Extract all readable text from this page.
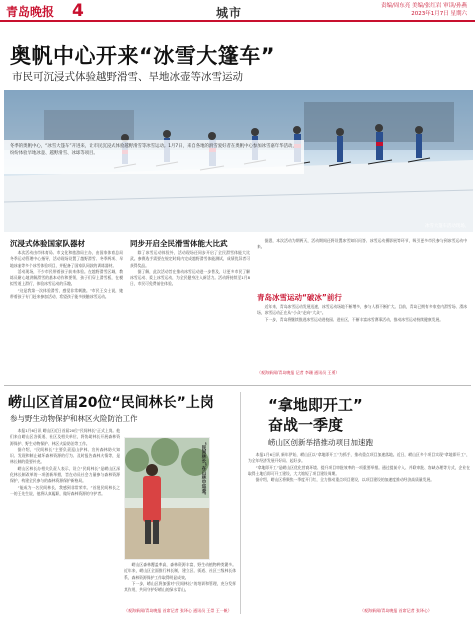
青岛晚报 4	城市	责编/周东亮 美编/张红岩 审读/孙燕
2023年1月7日 星期六
奥帆中心开来“冰雪大篷车”
市民可沉浸式体验越野滑雪、旱地冰壶等冰雪运动
冬季的奥帆中心，“冰雪大篷车”开进来，让市民沉浸式体验越野滑雪等冰雪运动。1月7日，来自各地的滑雪爱好者在奥帆中心参加冰雪嘉年华活动，纷纷体验旱地冰壶、越野滑雪、冰球等项目。
冰雪大篷车活动现场。
沉浸式体验国家队器材

本次活动由市体育局、市文化和旅游局主办，由国家体育总局冬季运动管理中心指导，活动现场设置了越野滑雪、冬季两项、旱地冰壶等多个冰雪体验项目，并配备了国家队同款的训练器材。

活动现场，不少市民带着孩子前来体验。在越野滑雪区域，教练员耐心地讲解滑雪的基本动作和要领，孩子们穿上滑雪板，在模拟雪道上滑行，体验冰雪运动的乐趣。

“这是我第一次体验滑雪，感觉非常刺激。”市民王女士说，她带着孩子专门赶来参加活动，希望孩子能多接触冰雪运动。

同步开启全民滑雪体能大比武

除了冰雪运动体验外，活动现场还同步开启了全民滑雪体能大比武。参赛选手需要在规定时间内完成越野滑雪体能测试，成绩优异者可获得奖品。

据了解，此次活动旨在推动冰雪运动进一步普及，让更多市民了解冰雪运动、爱上冰雪运动，为全民健身注入新活力。活动将持续至1月8日，市民可免费前往体验。

据悉，本次活动为期两天，活动期间还将设置冰雪知识问答、冰雪运动摄影展等环节，吸引更多市民参与到冰雪运动中来。

青岛冰雪运动“破冰”前行

近年来，青岛冰雪运动发展迅速，冰雪运动场地不断增多，参与人群不断扩大。目前，青岛已拥有多家室内滑雪场、滑冰场，冰雪运动正在从“小众”走向“大众”。

下一步，青岛将继续推进冰雪运动进校园、进社区，不断丰富冰雪赛事活动，推动冰雪运动持续健康发展。

（观海新闻/青岛晚报 记者 李珊 通讯员 王勇）
崂山区首届20位“民间林长”上岗
参与野生动物保护和林区火险防治工作

本报1月6日讯 崂山区近日首届20位“民间林长”正式上岗。他们来自崂山区各街道、社区及相关单位，将协助林长开展森林资源保护、野生动物保护、林区火险防治等工作。

据介绍，“民间林长”主要负责巡山护林、宣传森林防火知识、发现和制止破坏森林资源的行为、及时报告森林火情等，是林长制的重要补充。

崂山区林长办相关负责人表示，设立“民间林长”是崂山区深化林长制改革的一项创新举措，旨在动员社会力量参与森林资源保护，构建全民参与的森林资源保护新格局。

“能成为一名民间林长，我感到非常荣幸。”首批民间林长之一的王先生说，他将认真履职，做好森林资源的守护者。	“民间林长”在山林中巡查。

崂山区森林覆盖率高，森林资源丰富，野生动植物种类繁多。近年来，崂山区全面推行林长制，建立区、街道、社区三级林长体系，森林资源保护工作取得明显成效。

下一步，崂山区将加强对“民间林长”的培训和管理，充分发挥其作用，共同守护好崂山的绿水青山。

（观海新闻/青岛晚报 首席记者 张译心 通讯员 王崇 王一帆）
“拿地即开工”
奋战一季度
崂山区创新举措推动项目加速跑

本报1月6日讯 新年伊始，崂山区以“拿地即开工”为抓手，推动重点项目加速落地。近日，崂山区多个项目实现“拿地即开工”，为全年经济发展开好局、起好步。

“拿地即开工”是崂山区优化营商环境、提升项目审批效率的一项重要举措。通过提前介入、并联审批、容缺办理等方式，企业在取得土地后即可开工建设，大大缩短了项目建设周期。

据介绍，崂山区将聚焦一季度开门红，全力推动重点项目建设，以项目建设的加速度推动经济高质量发展。

（观海新闻/青岛晚报 首席记者 张译心）
